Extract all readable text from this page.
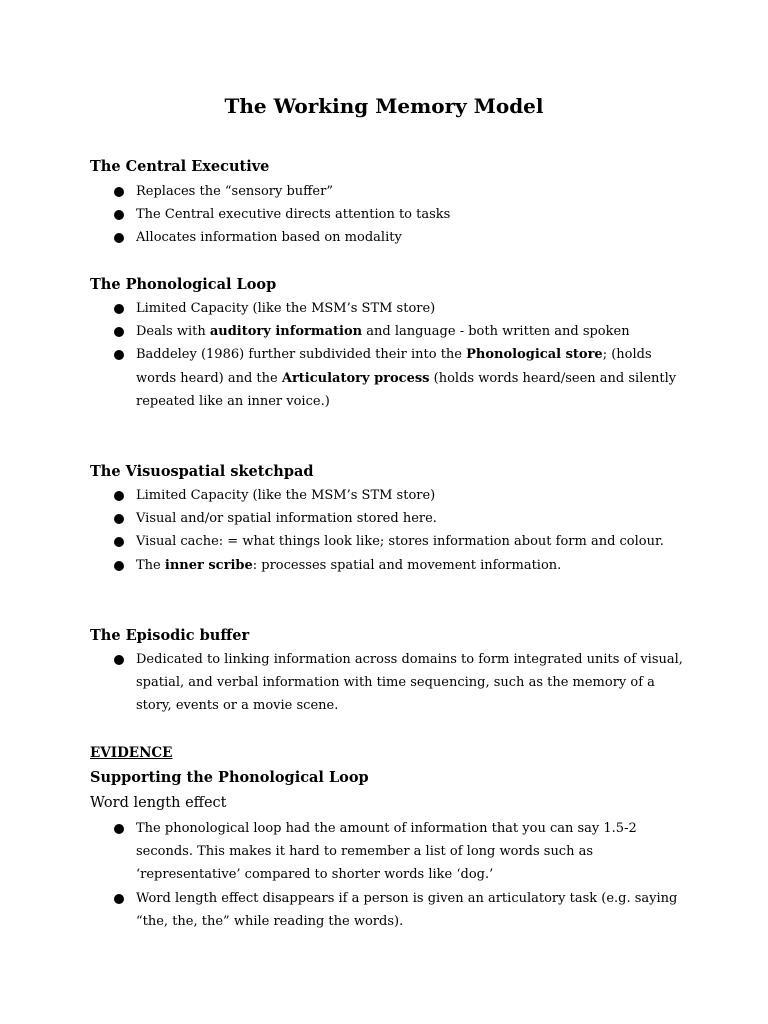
The Working Memory Model
The Central Executive
Replaces the “sensory buffer”
The Central executive directs attention to tasks
Allocates information based on modality
The Phonological Loop
Limited Capacity (like the MSM’s STM store)
Deals with auditory information and language - both written and spoken
Baddeley (1986) further subdivided their into the Phonological store; (holds words heard) and the Articulatory process (holds words heard/seen and silently repeated like an inner voice.)
The Visuospatial sketchpad
Limited Capacity (like the MSM’s STM store)
Visual and/or spatial information stored here.
Visual cache: = what things look like; stores information about form and colour.
The inner scribe: processes spatial and movement information.
The Episodic buffer
Dedicated to linking information across domains to form integrated units of visual, spatial, and verbal information with time sequencing, such as the memory of a story, events or a movie scene.
EVIDENCE
Supporting the Phonological Loop
Word length effect
The phonological loop had the amount of information that you can say 1.5-2 seconds. This makes it hard to remember a list of long words such as ‘representative’ compared to shorter words like ‘dog.’
Word length effect disappears if a person is given an articulatory task (e.g. saying “the, the, the” while reading the words).
